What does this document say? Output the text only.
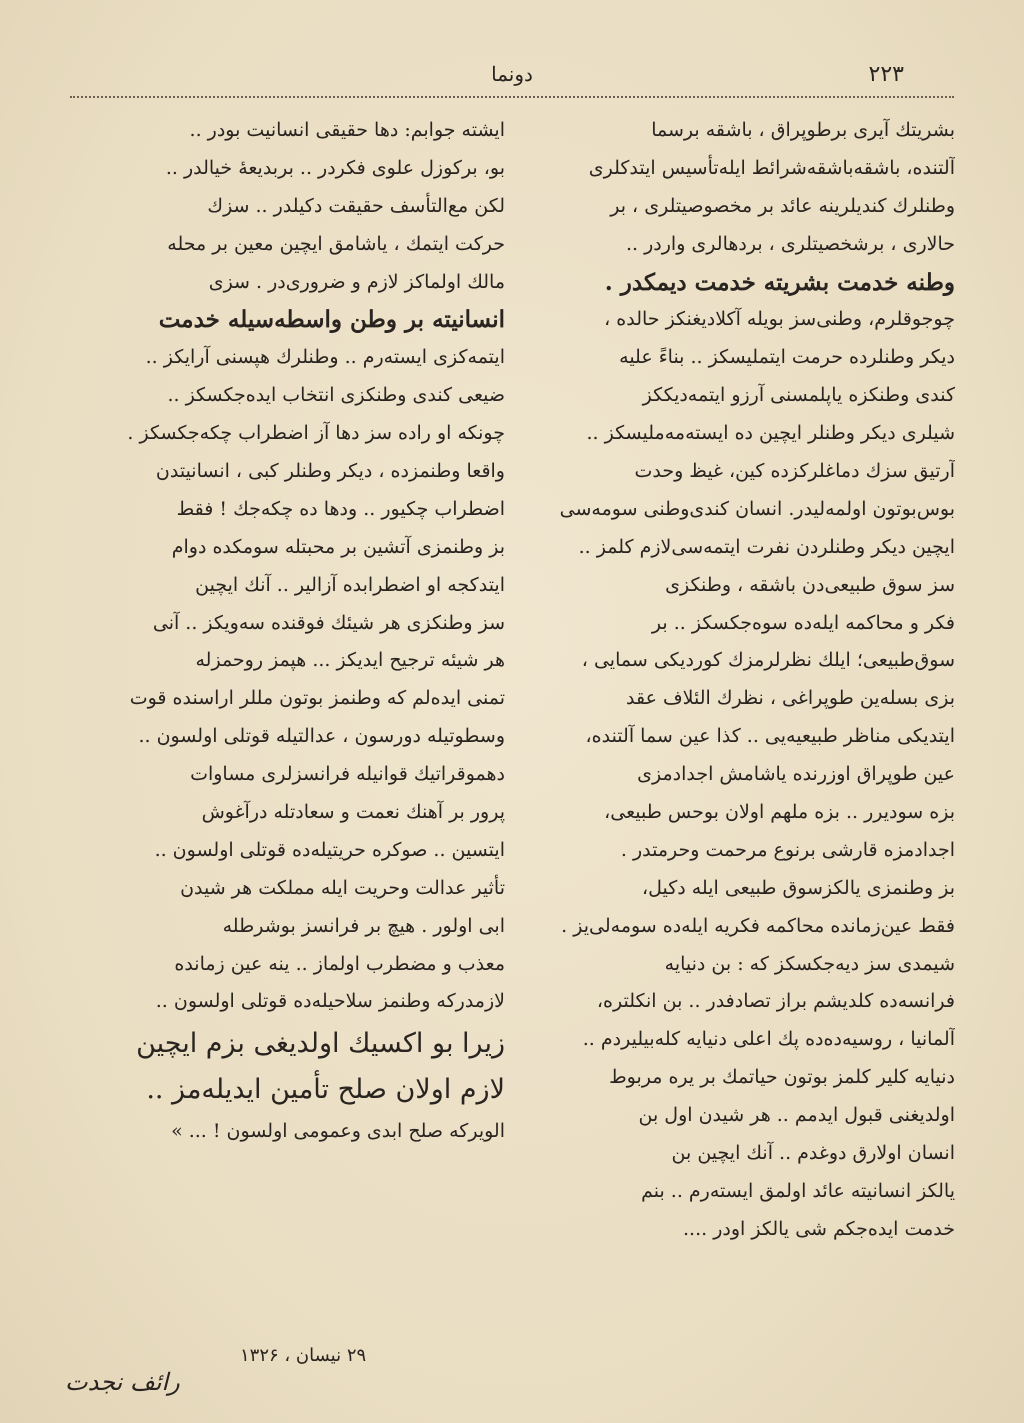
دونما	۲۲۳
بشریتك آیری برطوپراق ، باشقه برسما
آلتنده، باشقه‌باشقه‌شرائط ایله‌تأسیس ایتدکلری
وطنلرك کندیلرینه عائد بر مخصوصیتلری ، بر
حالاری ، برشخصیتلری ، بردهالری واردر ..
وطنه خدمت بشریته خدمت دیمکدر .
چوجوقلرم، وطنی‌سز بویله آکلادیغنکز حالده ،
دیکر وطنلرده حرمت ایتملیسکز .. بناءً علیه
کندی وطنکزه یاپلمسنی آرزو ایتمه‌دیککز
شیلری دیکر وطنلر ایچین ده ایسته‌مه‌ملیسکز ..
آرتیق سزك دماغلرکزده کین، غیظ وحدت
بوس‌بوتون اولمه‌لیدر. انسان کندی‌وطنی سومه‌سی
ایچین دیکر وطنلردن نفرت ایتمه‌سی‌لازم کلمز ..
سز سوق طبیعی‌دن باشقه ، وطنکزی
فکر و محاکمه ایله‌ده سوه‌جکسکز .. بر
سوق‌طبیعی؛ ایلك نظرلرمزك کوردیکی سمایی ،
بزی بسله‌ین طوپراغی ، نظرك الئلاف عقد
ایتدیکی مناظر طبیعیه‌یی .. کذا عین سما آلتنده،
عین طوپراق اوزرنده یاشامش اجدادمزی
بزه سودیرر .. بزه ملهم اولان بوحس طبیعی،
اجدادمزه قارشی برنوع مرحمت وحرمتدر .
بز وطنمزی یالکزسوق طبیعی ایله‌ دکیل،
فقط عین‌زمانده محاکمه‌ فکریه‌ ایله‌ده سومه‌لی‌یز .
شیمدی سز دیه‌جکسکز که : بن دنیایه
فرانسه‌ده کلدیشم براز تصادفدر .. بن انکلتره،
آلمانیا ، روسیه‌ده‌ده پك اعلی دنیایه‌ کله‌بیلیردم ..
دنیایه کلیر کلمز بوتون حیاتمك بر یره مربوط
اولدیغنی قبول ایدمم .. هر شیدن اول بن
انسان اولارق دوغدم .. آنك ایچین بن
یالکز انسانیته عائد اولمق ایسته‌رم .. بنم
خدمت ایده‌جکم شی یالکز اودر ....
ایشته جوابم: دها حقیقی انسانیت بودر ..
بو، برکوزل علوی فکردر .. بربدیعهٔ خیالدر ..
لکن مع‌التأسف حقیقت دکیلدر .. سزك
حرکت ایتمك ، یاشامق ایچین معین بر محله
مالك اولماکز لازم و ضروری‌در . سزی
انسانیته بر وطن واسطه‌سیله خدمت
ایتمه‌کزی ایسته‌رم .. وطنلرك هپسنی آرایکز ..
ضیعی کندی وطنکزی انتخاب ایده‌جکسکز ..
چونکه‌ او راده‌ سز دها آز اضطراب چکه‌جکسکز .
واقعا وطنمزده ، دیکر وطنلر کبی ، انسانیتدن
اضطراب چکیور .. ودها ده چکه‌جك ! فقط
بز وطنمزی آتشین بر محبتله سومکده دوام
ایتدکجه او اضطرابده آزالیر .. آنك ایچین
سز وطنکزی هر شیئك فوقنده سه‌ویکز .. آنی
هر شیئه ترجیح ایدیکز ... هپمز روحمزله
تمنی ایده‌لم که وطنمز بوتون مللر اراسنده قوت
وسطوتیله دورسون ، عدالتیله قوتلی اولسون ..
دهموقراتیك قوانیله فرانسزلری مساوات
پرور بر آهنك نعمت و سعادتله درآغوش
ایتسین .. صوکره حریتیله‌ده قوتلی اولسون ..
تأثیر عدالت وحریت ایله مملکت هر شیدن
ابی اولور . هیچ بر فرانسز بوشرطله
معذب و مضطرب اولماز .. ینه عین زمانده
لازمدرکه وطنمز سلاحیله‌ده قوتلی اولسون ..
زیرا بو اکسیك اولدیغی بزم ایچین
لازم اولان صلح تأمین ایدیله‌مز ..
الویرکه صلح ابدی وعمومی اولسون ! ... »
۲۹ نیسان ، ۱۳۲۶
رائف نجدت
